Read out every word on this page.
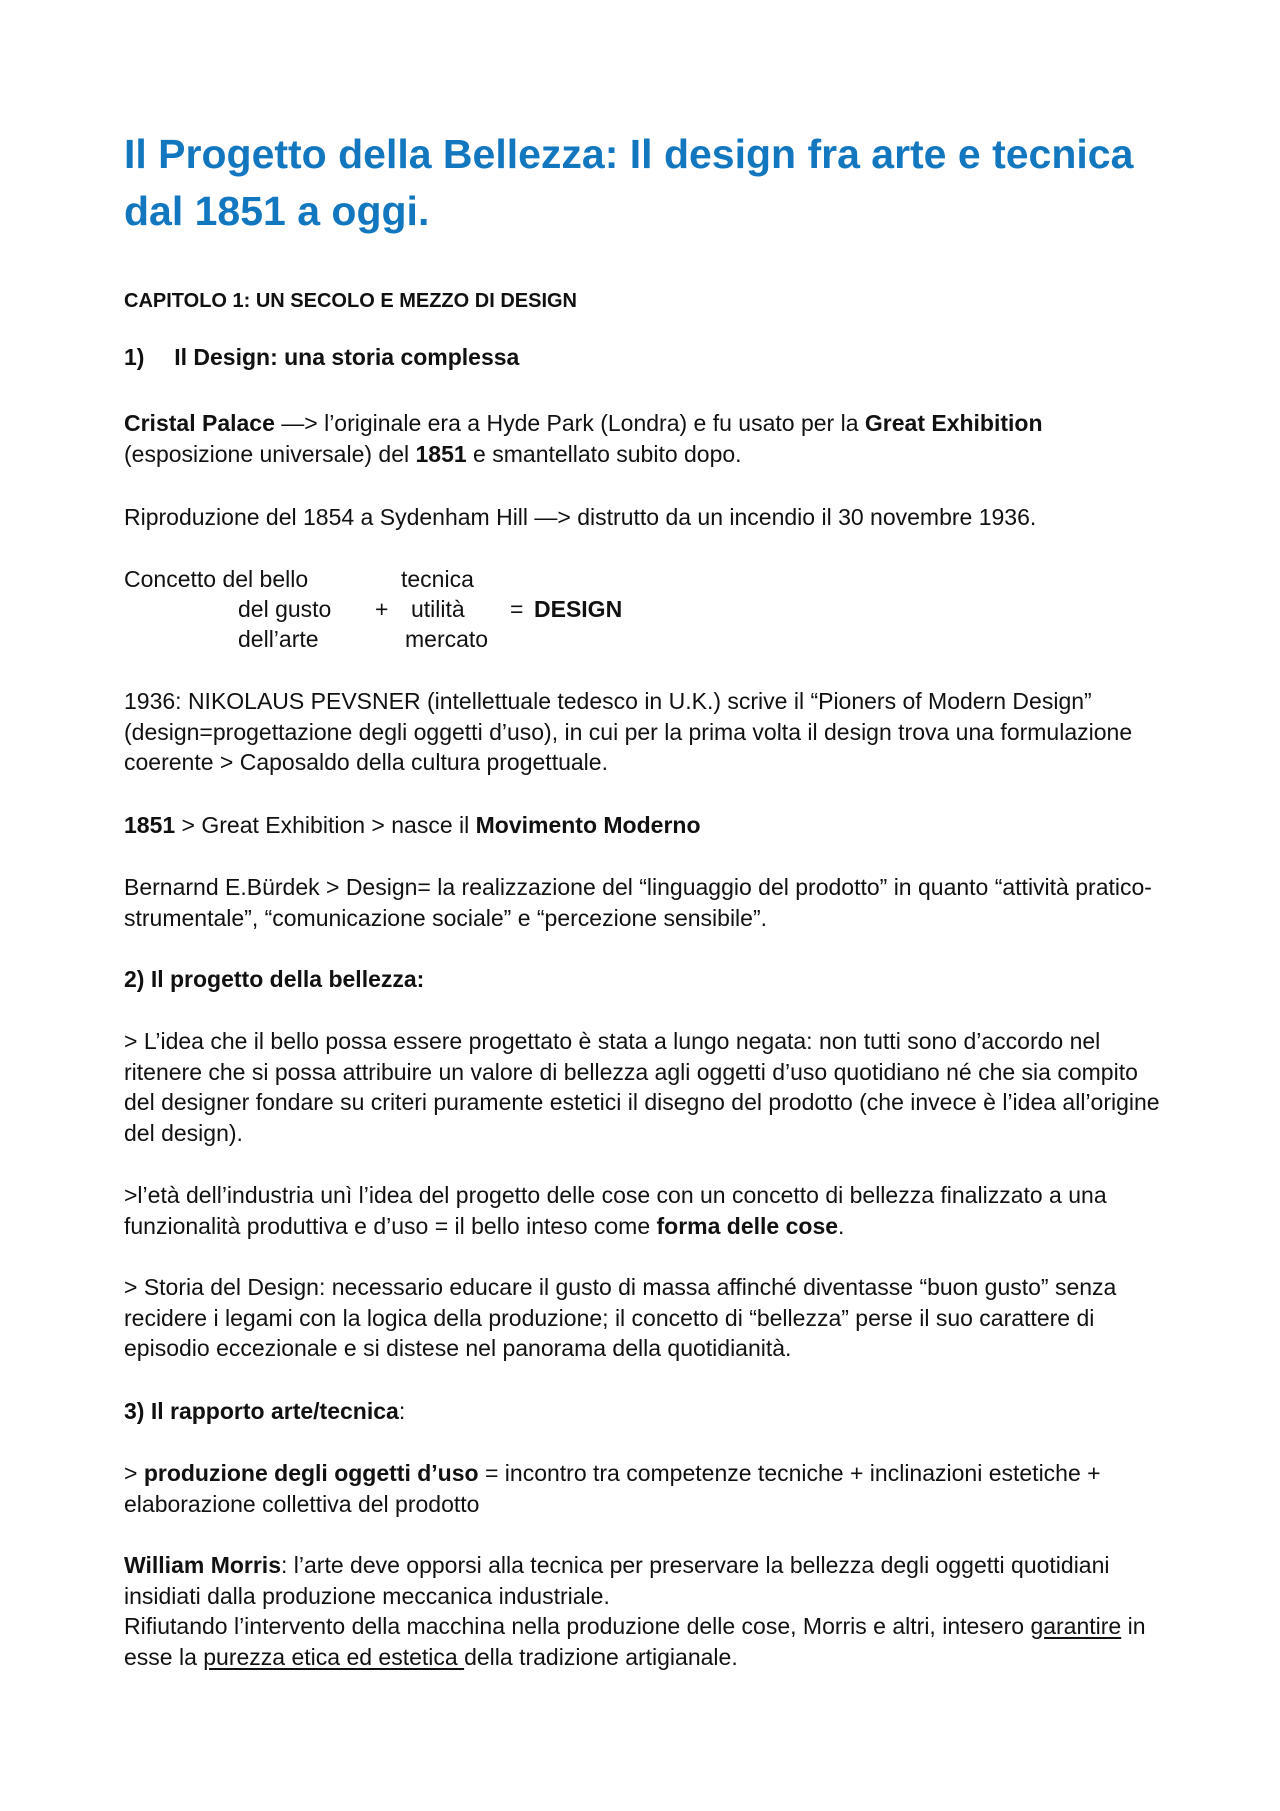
Il Progetto della Bellezza: Il design fra arte e tecnica dal 1851 a oggi.

CAPITOLO 1: UN SECOLO E MEZZO DI DESIGN

1) Il Design: una storia complessa

Cristal Palace —> l’originale era a Hyde Park (Londra) e fu usato per la Great Exhibition (esposizione universale) del 1851 e smantellato subito dopo.

Riproduzione del 1854 a Sydenham Hill —> distrutto da un incendio il 30 novembre 1936.

Concetto del bello

del gusto

dell’arte

+

tecnica

utilità

mercato

= DESIGN

1936: NIKOLAUS PEVSNER (intellettuale tedesco in U.K.) scrive il “Pioners of Modern Design” (design=progettazione degli oggetti d’uso), in cui per la prima volta il design trova una formulazione coerente > Caposaldo della cultura progettuale.

1851 > Great Exhibition > nasce il Movimento Moderno

Bernarnd E.Bürdek > Design= la realizzazione del “linguaggio del prodotto” in quanto “attività pratico-strumentale”, “comunicazione sociale” e “percezione sensibile”.

2) Il progetto della bellezza:

> L’idea che il bello possa essere progettato è stata a lungo negata: non tutti sono d’accordo nel ritenere che si possa attribuire un valore di bellezza agli oggetti d’uso quotidiano né che sia compito del designer fondare su criteri puramente estetici il disegno del prodotto (che invece è l’idea all’origine del design).

>l’età dell’industria unì l’idea del progetto delle cose con un concetto di bellezza finalizzato a una funzionalità produttiva e d’uso = il bello inteso come forma delle cose.

> Storia del Design: necessario educare il gusto di massa affinché diventasse “buon gusto” senza recidere i legami con la logica della produzione; il concetto di “bellezza” perse il suo carattere di episodio eccezionale e si distese nel panorama della quotidianità.

3) Il rapporto arte/tecnica:

> produzione degli oggetti d’uso = incontro tra competenze tecniche + inclinazioni estetiche + elaborazione collettiva del prodotto

William Morris: l’arte deve opporsi alla tecnica per preservare la bellezza degli oggetti quotidiani insidiati dalla produzione meccanica industriale.
Rifiutando l’intervento della macchina nella produzione delle cose, Morris e altri, intesero garantire in esse la purezza etica ed estetica della tradizione artigianale.
